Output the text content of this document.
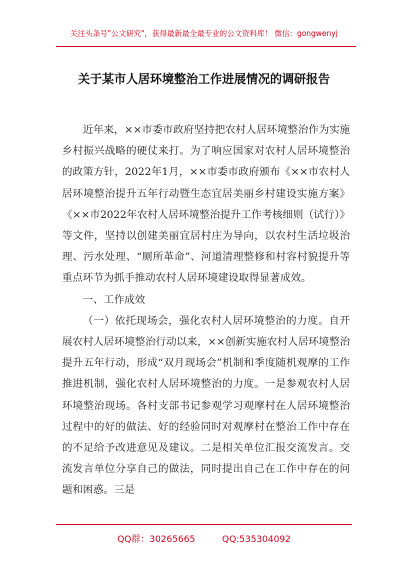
关注头条号"公文研究"，获得最新最全最专业的公文资料库！ 微信：gongwenyj
关于某市人居环境整治工作进展情况的调研报告

近年来，××市委市政府坚持把农村人居环境整治作为实施乡村振兴战略的硬仗来打。为了响应国家对农村人居环境整治的政策方针，2022年1月，××市委市政府颁布《××市农村人居环境整治提升五年行动暨生态宜居美丽乡村建设实施方案》《××市2022年农村人居环境整治提升工作考核细则（试行）》等文件，坚持以创建美丽宜居村庄为导向，以农村生活垃圾治理、污水处理、“厕所革命”、河道清理整修和村容村貌提升等重点环节为抓手推动农村人居环境建设取得显著成效。

一、工作成效

（一）依托现场会，强化农村人居环境整治的力度。自开展农村人居环境整治行动以来，××创新实施农村人居环境整治提升五年行动，形成“双月现场会”机制和季度随机观摩的工作推进机制，强化农村人居环境整治的力度。一是参观农村人居环境整治现场。各村支部书记参观学习观摩村在人居环境整治过程中的好的做法、好的经验同时对观摩村在整治工作中存在的不足给予改进意见及建议。二是相关单位汇报交流发言。交流发言单位分享自己的做法，同时提出自己在工作中存在的问题和困惑。三是

QQ群：30265665	QQ:535304092
